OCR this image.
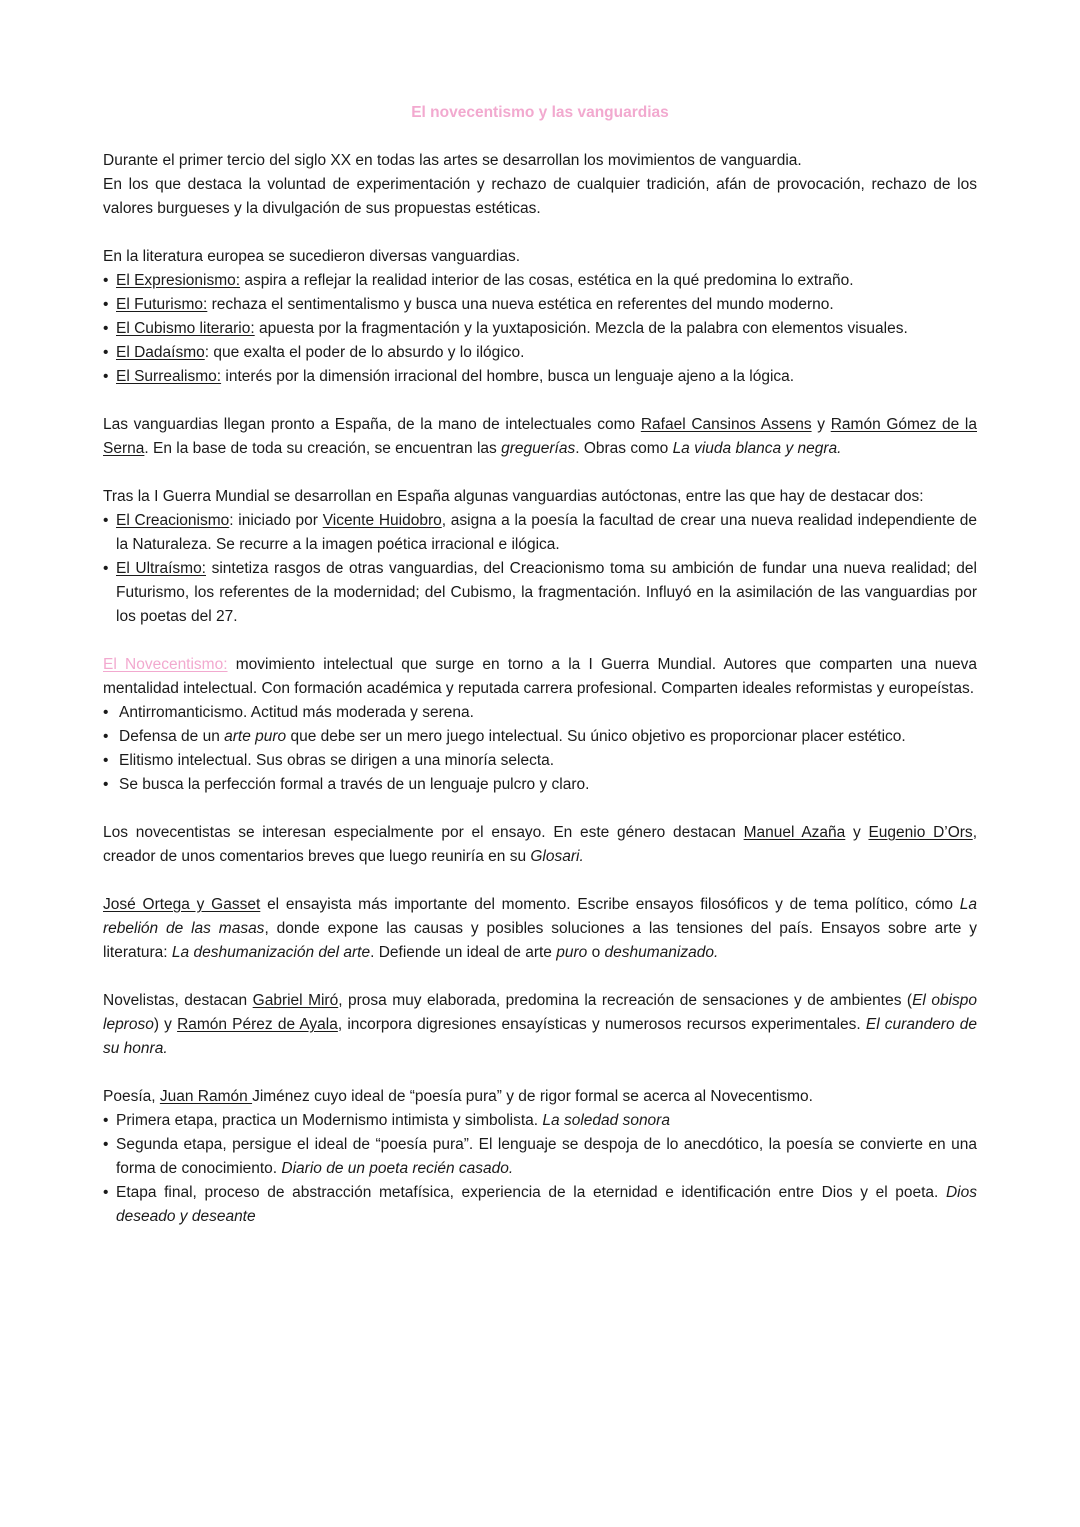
El novecentismo y las vanguardias

Durante el primer tercio del siglo XX en todas las artes se desarrollan los movimientos de vanguardia.
En los que destaca la voluntad de experimentación y rechazo de cualquier tradición, afán de provocación, rechazo de los valores burgueses y la divulgación de sus propuestas estéticas.

En la literatura europea se sucedieron diversas vanguardias.

• El Expresionismo: aspira a reflejar la realidad interior de las cosas, estética en la qué predomina lo extraño.
• El Futurismo: rechaza el sentimentalismo y busca una nueva estética en referentes del mundo moderno.
• El Cubismo literario: apuesta por la fragmentación y la yuxtaposición. Mezcla de la palabra con elementos visuales.
• El Dadaísmo: que exalta el poder de lo absurdo y lo ilógico.
• El Surrealismo: interés por la dimensión irracional del hombre, busca un lenguaje ajeno a la lógica.

Las vanguardias llegan pronto a España, de la mano de intelectuales como Rafael Cansinos Assens y Ramón Gómez de la Serna. En la base de toda su creación, se encuentran las greguerías. Obras como La viuda blanca y negra.

Tras la I Guerra Mundial se desarrollan en España algunas vanguardias autóctonas, entre las que hay de destacar dos:

• El Creacionismo: iniciado por Vicente Huidobro, asigna a la poesía la facultad de crear una nueva realidad independiente de la Naturaleza. Se recurre a la imagen poética irracional e ilógica.
• El Ultraísmo: sintetiza rasgos de otras vanguardias, del Creacionismo toma su ambición de fundar una nueva realidad; del Futurismo, los referentes de la modernidad; del Cubismo, la fragmentación. Influyó en la asimilación de las vanguardias por los poetas del 27.

El Novecentismo: movimiento intelectual que surge en torno a la I Guerra Mundial. Autores que comparten una nueva mentalidad intelectual. Con formación académica y reputada carrera profesional. Comparten ideales reformistas y europeístas.

• Antirromanticismo. Actitud más moderada y serena.
• Defensa de un arte puro que debe ser un mero juego intelectual. Su único objetivo es proporcionar placer estético.
• Elitismo intelectual. Sus obras se dirigen a una minoría selecta.
• Se busca la perfección formal a través de un lenguaje pulcro y claro.

Los novecentistas se interesan especialmente por el ensayo. En este género destacan Manuel Azaña y Eugenio D’Ors, creador de unos comentarios breves que luego reuniría en su Glosari.

José Ortega y Gasset el ensayista más importante del momento. Escribe ensayos filosóficos y de tema político, cómo La rebelión de las masas, donde expone las causas y posibles soluciones a las tensiones del país. Ensayos sobre arte y literatura: La deshumanización del arte. Defiende un ideal de arte puro o deshumanizado.

Novelistas, destacan Gabriel Miró, prosa muy elaborada, predomina la recreación de sensaciones y de ambientes (El obispo leproso) y Ramón Pérez de Ayala, incorpora digresiones ensayísticas y numerosos recursos experimentales. El curandero de su honra.

Poesía, Juan Ramón Jiménez cuyo ideal de “poesía pura” y de rigor formal se acerca al Novecentismo.

• Primera etapa, practica un Modernismo intimista y simbolista. La soledad sonora
• Segunda etapa, persigue el ideal de “poesía pura”. El lenguaje se despoja de lo anecdótico, la poesía se convierte en una forma de conocimiento. Diario de un poeta recién casado.
• Etapa final, proceso de abstracción metafísica, experiencia de la eternidad e identificación entre Dios y el poeta. Dios deseado y deseante
